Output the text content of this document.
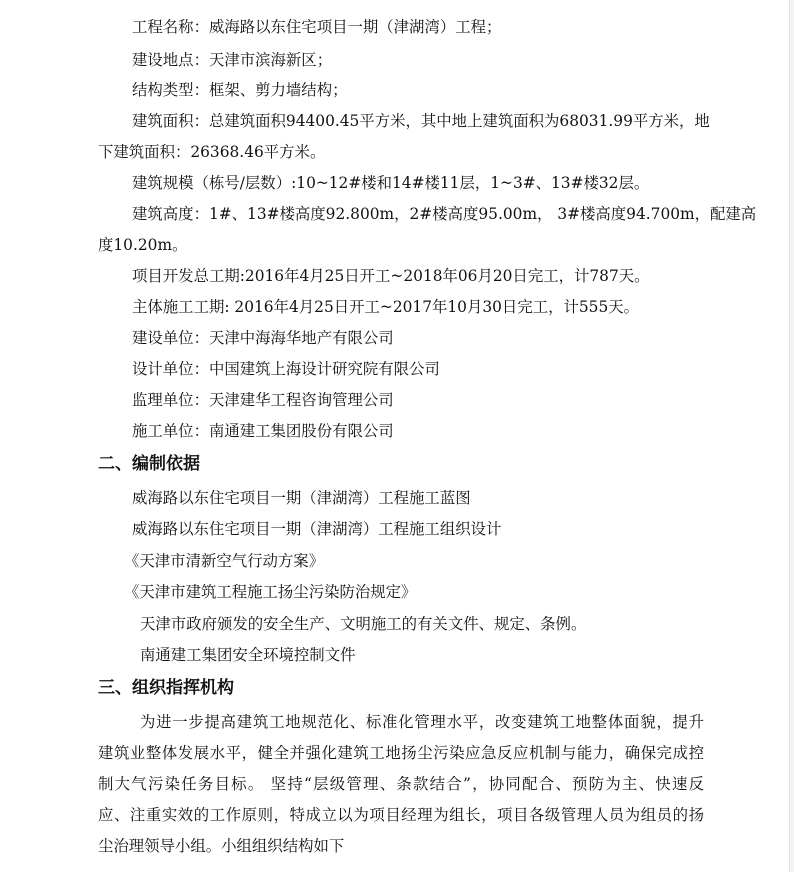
工程名称：威海路以东住宅项目一期（津湖湾）工程；
建设地点：天津市滨海新区；
结构类型：框架、剪力墙结构；
建筑面积：总建筑面积94400.45平方米，其中地上建筑面积为68031.99平方米，地
下建筑面积：26368.46平方米。
建筑规模（栋号/层数）:10~12#楼和14#楼11层，1~3#、13#楼32层。
建筑高度：1#、13#楼高度92.800m，2#楼高度95.00m， 3#楼高度94.700m，配建高
度10.20m。
项目开发总工期:2016年4月25日开工~2018年06月20日完工，计787天。
主体施工工期: 2016年4月25日开工~2017年10月30日完工，计555天。
建设单位：天津中海海华地产有限公司
设计单位：中国建筑上海设计研究院有限公司
监理单位：天津建华工程咨询管理公司
施工单位：南通建工集团股份有限公司
二、编制依据
威海路以东住宅项目一期（津湖湾）工程施工蓝图
威海路以东住宅项目一期（津湖湾）工程施工组织设计
《天津市清新空气行动方案》
《天津市建筑工程施工扬尘污染防治规定》
天津市政府颁发的安全生产、文明施工的有关文件、规定、条例。
南通建工集团安全环境控制文件
三、组织指挥机构
为进一步提高建筑工地规范化、标准化管理水平，改变建筑工地整体面貌，提升
建筑业整体发展水平，健全并强化建筑工地扬尘污染应急反应机制与能力，确保完成控
制大气污染任务目标。 坚持“层级管理、条款结合”，协同配合、预防为主、快速反
应、注重实效的工作原则，特成立以为项目经理为组长，项目各级管理人员为组员的扬
尘治理领导小组。小组组织结构如下
